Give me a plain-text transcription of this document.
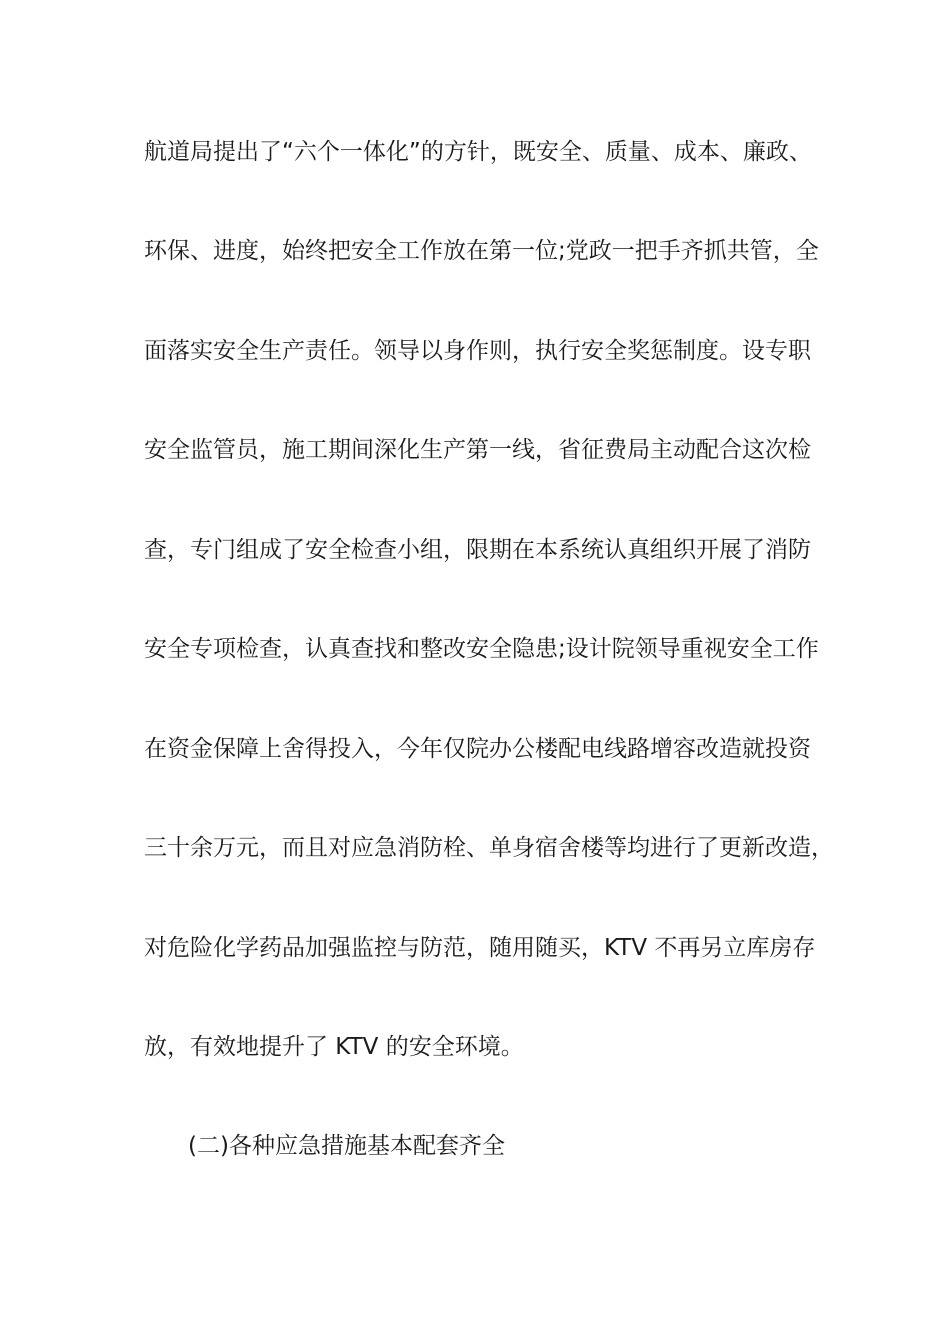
航道局提出了“六个一体化”的方针，既安全、质量、成本、廉政、
环保、进度，始终把安全工作放在第一位;党政一把手齐抓共管，全
面落实安全生产责任。领导以身作则，执行安全奖惩制度。设专职
安全监管员，施工期间深化生产第一线，省征费局主动配合这次检
查，专门组成了安全检查小组，限期在本系统认真组织开展了消防
安全专项检查，认真查找和整改安全隐患;设计院领导重视安全工作
在资金保障上舍得投入，今年仅院办公楼配电线路增容改造就投资
三十余万元，而且对应急消防栓、单身宿舍楼等均进行了更新改造，
对危险化学药品加强监控与防范，随用随买，KTV 不再另立库房存
放，有效地提升了 KTV 的安全环境。
(二)各种应急措施基本配套齐全
